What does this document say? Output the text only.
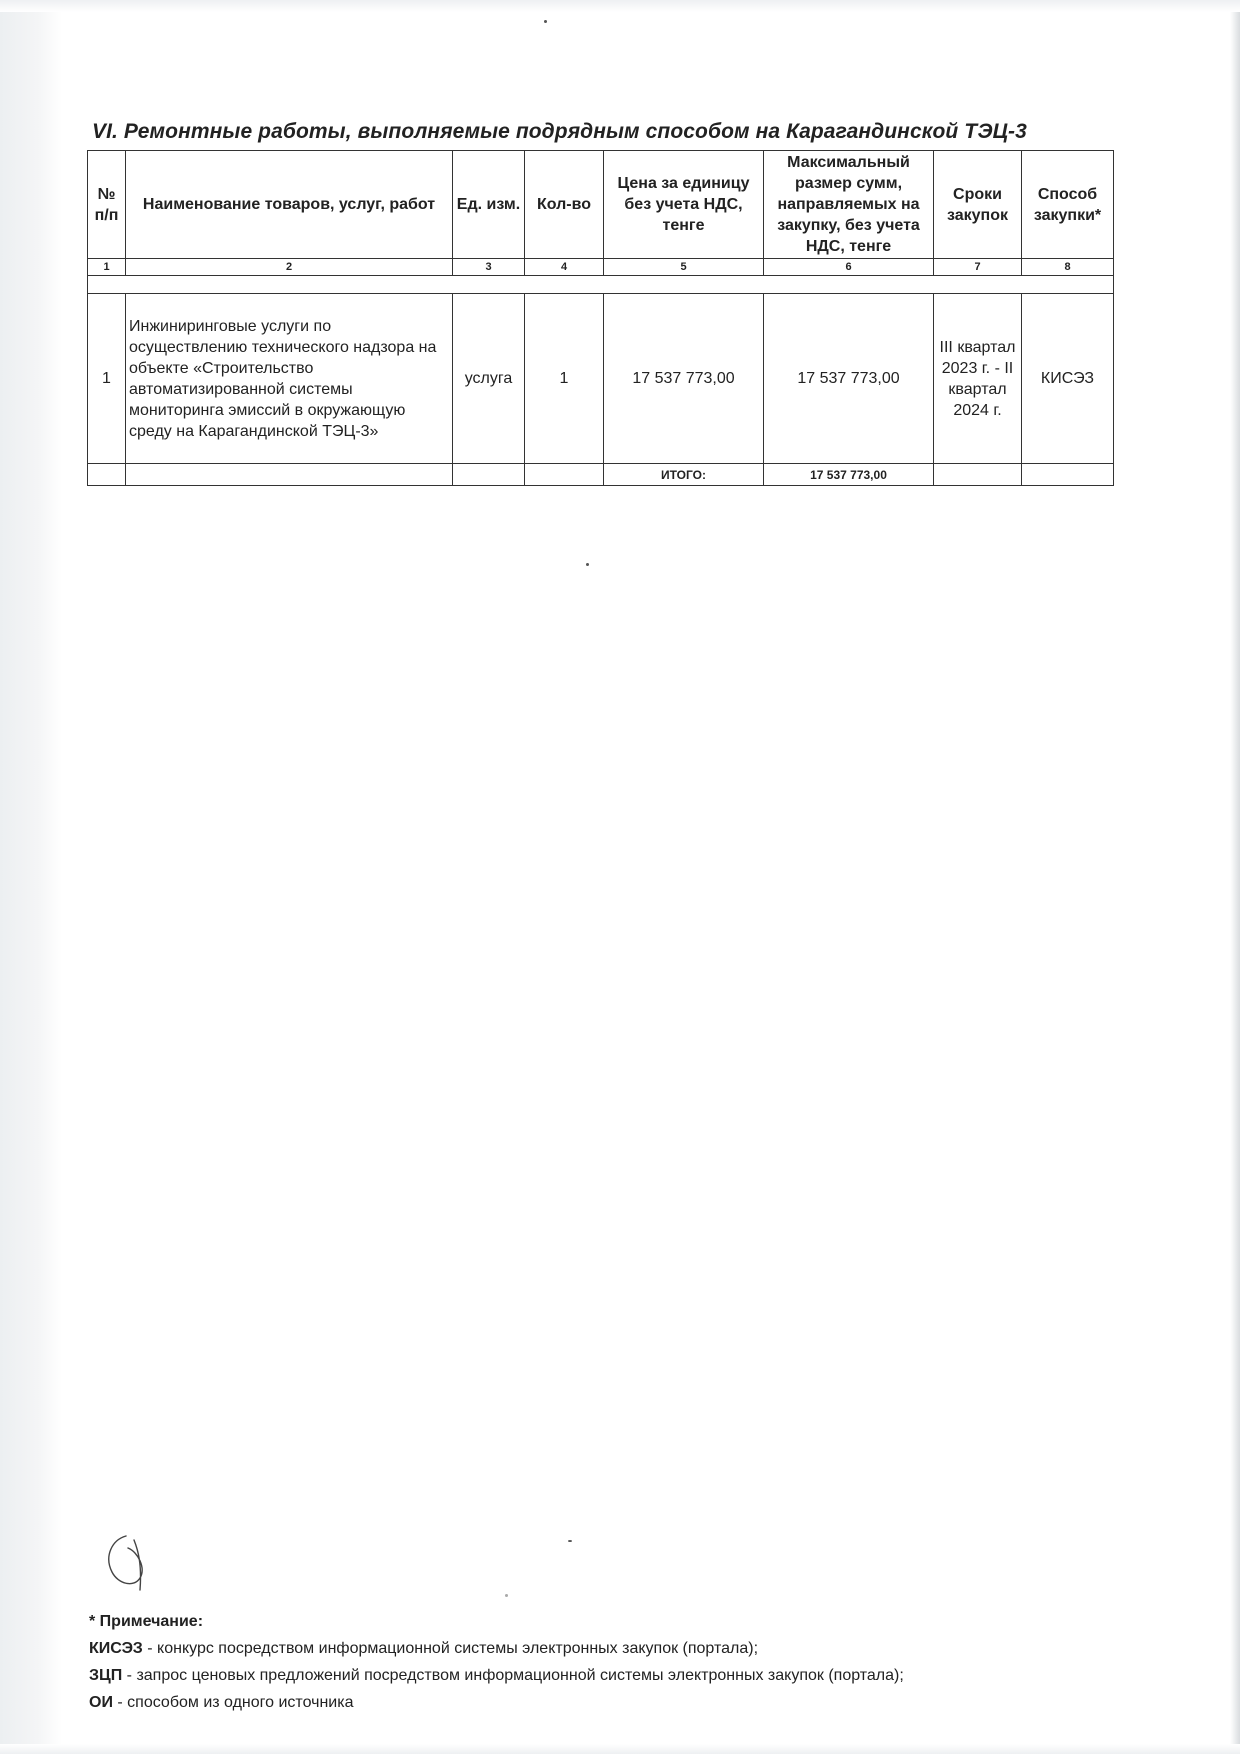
VI. Ремонтные работы, выполняемые подрядным способом на Карагандинской ТЭЦ-3
№ п/п	Наименование товаров, услуг, работ	Ед. изм.	Кол-во	Цена за единицу без учета НДС, тенге	Максимальный размер сумм, направляемых на закупку, без учета НДС, тенге	Сроки закупок	Способ закупки*
1	2	3	4	5	6	7	8

1	Инжиниринговые услуги по осуществлению технического надзора на объекте «Строительство автоматизированной системы мониторинга эмиссий в окружающую среду на Карагандинской ТЭЦ-3»	услуга	1	17 537 773,00	17 537 773,00	III квартал 2023 г. - II квартал 2024 г.	КИСЭЗ
				ИТОГО:	17 537 773,00		
* Примечание:
КИСЭЗ - конкурс посредством информационной системы электронных закупок (портала);
ЗЦП - запрос ценовых предложений посредством информационной системы электронных закупок (портала);
ОИ - способом из одного источника
